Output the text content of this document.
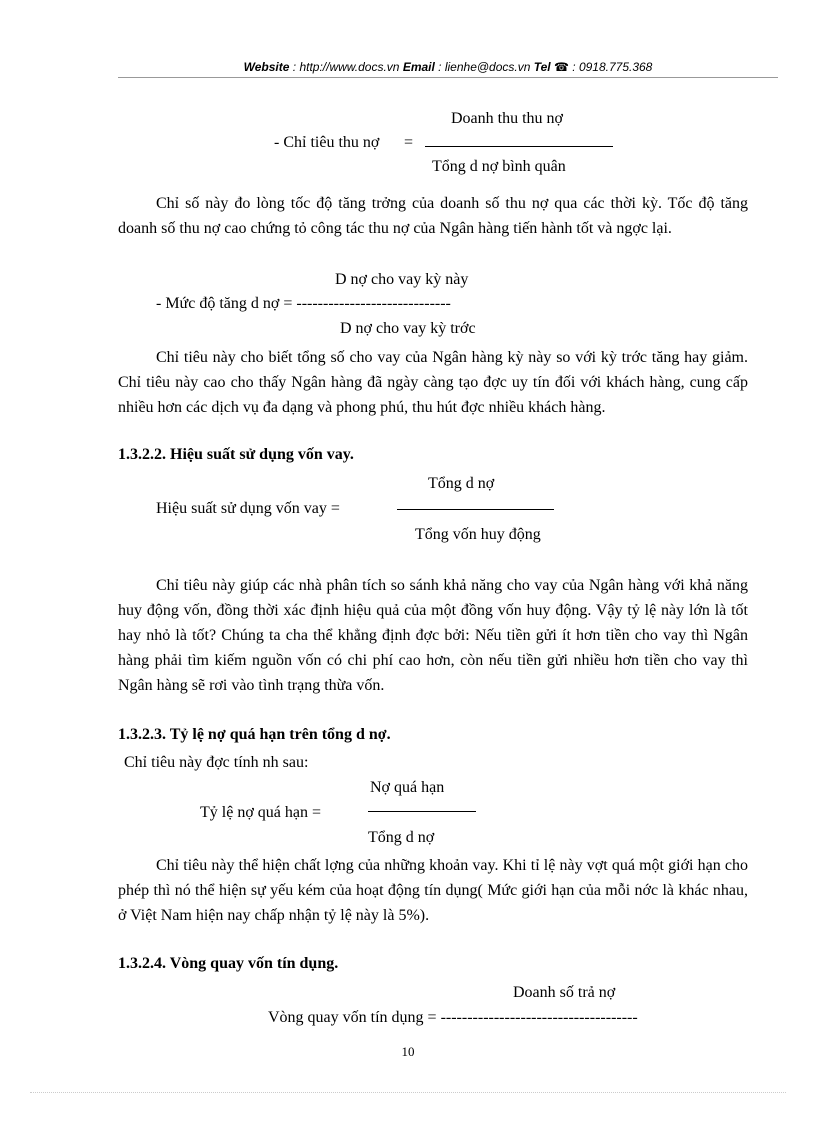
Website : http://www.docs.vn Email : lienhe@docs.vn Tel ☎ : 0918.775.368
Doanh thu thu nợ
- Chỉ tiêu thu nợ =
Tổng d nợ bình quân
Chỉ số này đo lòng tốc độ tăng trởng của doanh số thu nợ qua các thời kỳ. Tốc độ tăng doanh số thu nợ cao chứng tỏ công tác thu nợ của Ngân hàng tiến hành tốt và ngợc lại.
D nợ cho vay kỳ này
- Mức độ tăng d nợ = -----------------------------
D nợ cho vay kỳ trớc
Chỉ tiêu này cho biết tổng số cho vay của Ngân hàng kỳ này so với kỳ trớc tăng hay giảm. Chỉ tiêu này cao cho thấy Ngân hàng đã ngày càng tạo đợc uy tín đối với khách hàng, cung cấp nhiều hơn các dịch vụ đa dạng và phong phú, thu hút đợc nhiều khách hàng.
1.3.2.2. Hiệu suất sử dụng vốn vay.
Tổng d nợ
Hiệu suất sử dụng vốn vay =
Tổng vốn huy động
Chỉ tiêu này giúp các nhà phân tích so sánh khả năng cho vay của Ngân hàng với khả năng huy động vốn, đồng thời xác định hiệu quả của một đồng vốn huy động. Vậy tỷ lệ này lớn là tốt hay nhỏ là tốt? Chúng ta cha thể khẳng định đợc bởi: Nếu tiền gửi ít hơn tiền cho vay thì Ngân hàng phải tìm kiếm nguồn vốn có chi phí cao hơn, còn nếu tiền gửi nhiều hơn tiền cho vay thì Ngân hàng sẽ rơi vào tình trạng thừa vốn.
1.3.2.3. Tỷ lệ nợ quá hạn trên tổng d nợ.
Chỉ tiêu này đợc tính nh sau:
Nợ quá hạn
Tỷ lệ nợ quá hạn =
Tổng d nợ
Chỉ tiêu này thể hiện chất lợng của những khoản vay. Khi tỉ lệ này vợt quá một giới hạn cho phép thì nó thể hiện sự yếu kém của hoạt động tín dụng( Mức giới hạn của mỗi nớc là khác nhau, ở Việt Nam hiện nay chấp nhận tỷ lệ này là 5%).
1.3.2.4. Vòng quay vốn tín dụng.
Doanh số trả nợ
Vòng quay vốn tín dụng = -------------------------------------
10
